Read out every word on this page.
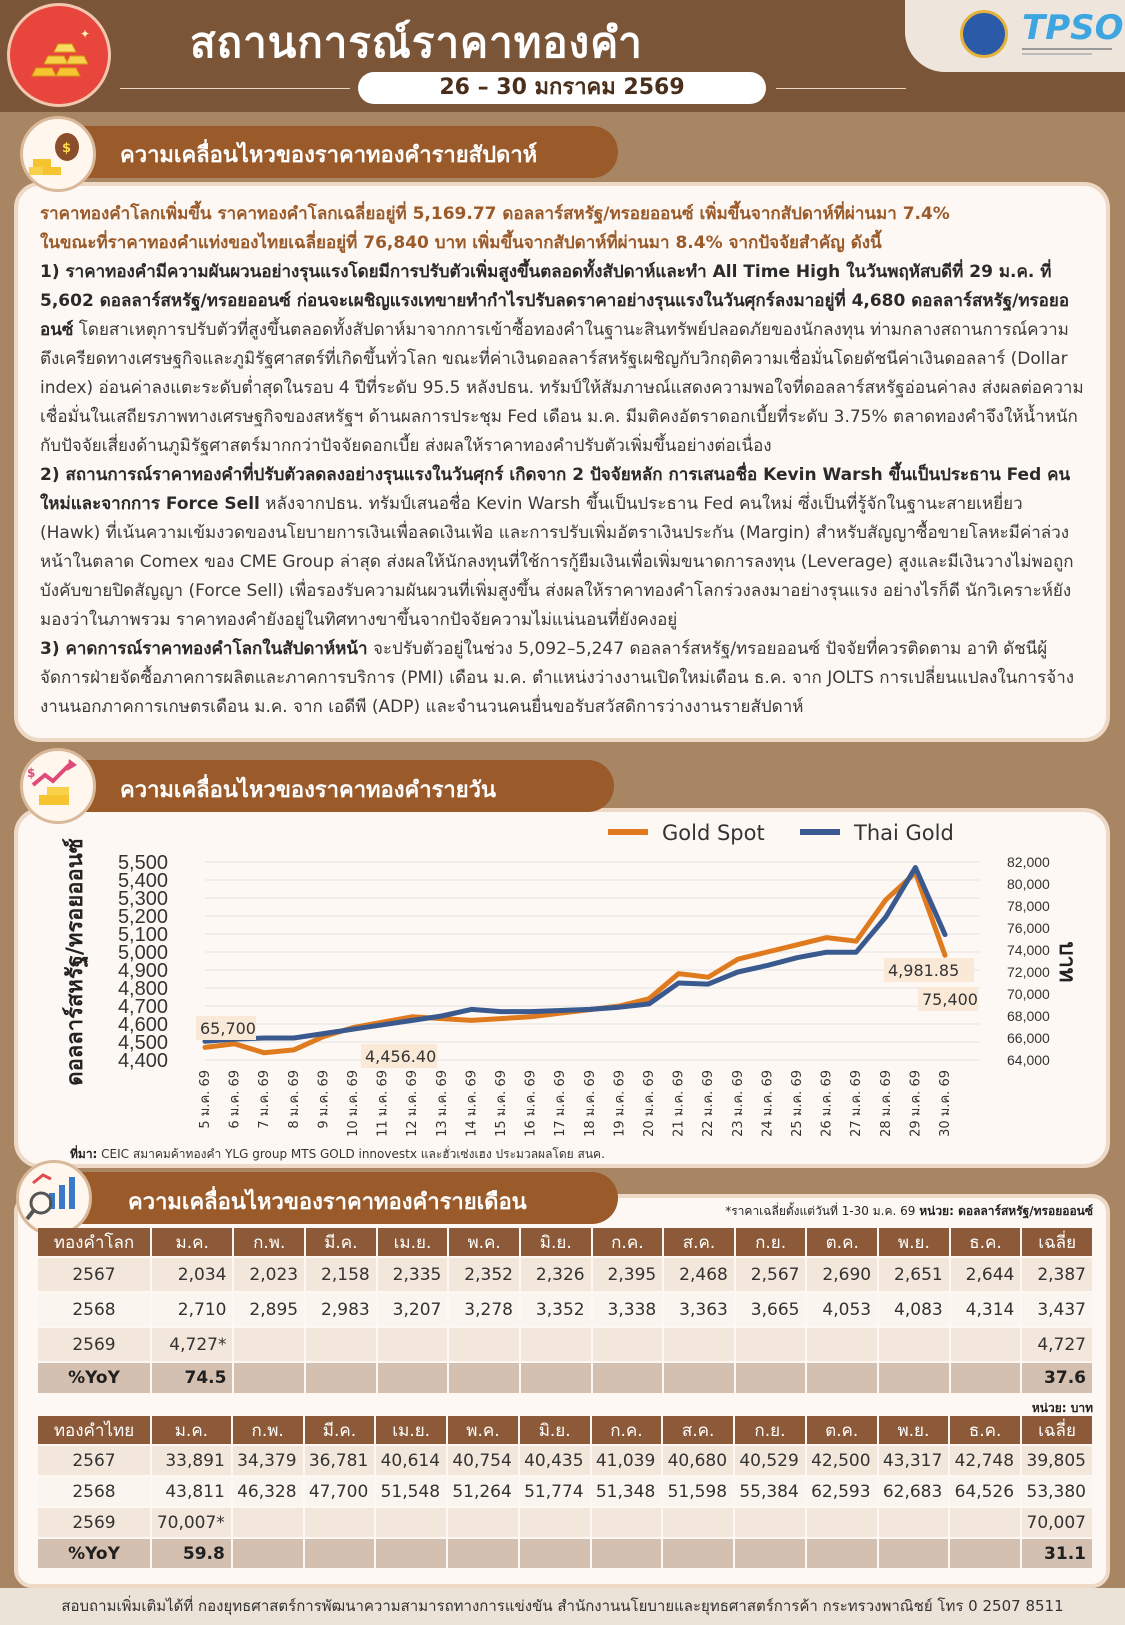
✦ สถานการณ์ราคาทองคำ
26 – 30 มกราคม 2569
TPSO
$ ความเคลื่อนไหวของราคาทองคำรายสัปดาห์
ราคาทองคำโลกเพิ่มขึ้น ราคาทองคำโลกเฉลี่ยอยู่ที่ 5,169.77 ดอลลาร์สหรัฐ/ทรอยออนซ์ เพิ่มขึ้นจากสัปดาห์ที่ผ่านมา 7.4%
ในขณะที่ราคาทองคำแท่งของไทยเฉลี่ยอยู่ที่ 76,840 บาท เพิ่มขึ้นจากสัปดาห์ที่ผ่านมา 8.4% จากปัจจัยสำคัญ ดังนี้
1) ราคาทองคำมีความผันผวนอย่างรุนแรงโดยมีการปรับตัวเพิ่มสูงขึ้นตลอดทั้งสัปดาห์และทำ All Time High ในวันพฤหัสบดีที่ 29 ม.ค. ที่ 5,602 ดอลลาร์สหรัฐ/ทรอยออนซ์ ก่อนจะเผชิญแรงเทขายทำกำไรปรับลดราคาอย่างรุนแรงในวันศุกร์ลงมาอยู่ที่ 4,680 ดอลลาร์สหรัฐ/ทรอยออนซ์ โดยสาเหตุการปรับตัวที่สูงขึ้นตลอดทั้งสัปดาห์มาจากการเข้าซื้อทองคำในฐานะสินทรัพย์ปลอดภัยของนักลงทุน ท่ามกลางสถานการณ์ความตึงเครียดทางเศรษฐกิจและภูมิรัฐศาสตร์ที่เกิดขึ้นทั่วโลก ขณะที่ค่าเงินดอลลาร์สหรัฐเผชิญกับวิกฤติความเชื่อมั่นโดยดัชนีค่าเงินดอลลาร์ (Dollar index) อ่อนค่าลงแตะระดับต่ำสุดในรอบ 4 ปีที่ระดับ 95.5 หลังปธน. ทรัมป์ให้สัมภาษณ์แสดงความพอใจที่ดอลลาร์สหรัฐอ่อนค่าลง ส่งผลต่อความเชื่อมั่นในเสถียรภาพทางเศรษฐกิจของสหรัฐฯ ด้านผลการประชุม Fed เดือน ม.ค. มีมติคงอัตราดอกเบี้ยที่ระดับ 3.75% ตลาดทองคำจึงให้น้ำหนักกับปัจจัยเสี่ยงด้านภูมิรัฐศาสตร์มากกว่าปัจจัยดอกเบี้ย ส่งผลให้ราคาทองคำปรับตัวเพิ่มขึ้นอย่างต่อเนื่อง
2) สถานการณ์ราคาทองคำที่ปรับตัวลดลงอย่างรุนแรงในวันศุกร์ เกิดจาก 2 ปัจจัยหลัก การเสนอชื่อ Kevin Warsh ขึ้นเป็นประธาน Fed คนใหม่และจากการ Force Sell หลังจากปธน. ทรัมป์เสนอชื่อ Kevin Warsh ขึ้นเป็นประธาน Fed คนใหม่ ซึ่งเป็นที่รู้จักในฐานะสายเหยี่ยว (Hawk) ที่เน้นความเข้มงวดของนโยบายการเงินเพื่อลดเงินเฟ้อ และการปรับเพิ่มอัตราเงินประกัน (Margin) สำหรับสัญญาซื้อขายโลหะมีค่าล่วงหน้าในตลาด Comex ของ CME Group ล่าสุด ส่งผลให้นักลงทุนที่ใช้การกู้ยืมเงินเพื่อเพิ่มขนาดการลงทุน (Leverage) สูงและมีเงินวางไม่พอถูกบังคับขายปิดสัญญา (Force Sell) เพื่อรองรับความผันผวนที่เพิ่มสูงขึ้น ส่งผลให้ราคาทองคำโลกร่วงลงมาอย่างรุนแรง อย่างไรก็ดี นักวิเคราะห์ยังมองว่าในภาพรวม ราคาทองคำยังอยู่ในทิศทางขาขึ้นจากปัจจัยความไม่แน่นอนที่ยังคงอยู่
3) คาดการณ์ราคาทองคำโลกในสัปดาห์หน้า จะปรับตัวอยู่ในช่วง 5,092–5,247 ดอลลาร์สหรัฐ/ทรอยออนซ์ ปัจจัยที่ควรติดตาม อาทิ ดัชนีผู้จัดการฝ่ายจัดซื้อภาคการผลิตและภาคการบริการ (PMI) เดือน ม.ค. ตำแหน่งว่างงานเปิดใหม่เดือน ธ.ค. จาก JOLTS การเปลี่ยนแปลงในการจ้างงานนอกภาคการเกษตรเดือน ม.ค. จาก เอดีพี (ADP) และจำนวนคนยื่นขอรับสวัสดิการว่างงานรายสัปดาห์
$
ความเคลื่อนไหวของราคาทองคำรายวัน
4,400
4,500
4,600
4,700
4,800
4,900
5,000
5,100
5,200
5,300
5,400
5,500
64,000
66,000
68,000
70,000
72,000
74,000
76,000
78,000
80,000
82,000
ดอลลาร์สหรัฐ/ทรอยออนซ์	บาท
5 ม.ค. 69 6 ม.ค. 69 7 ม.ค. 69 8 ม.ค. 69 9 ม.ค. 69 10 ม.ค. 69 11 ม.ค. 69 12 ม.ค. 69 13 ม.ค. 69 14 ม.ค. 69 15 ม.ค. 69 16 ม.ค. 69 17 ม.ค. 69 18 ม.ค. 69 19 ม.ค. 69 20 ม.ค. 69 21 ม.ค. 69 22 ม.ค. 69 23 ม.ค. 69 24 ม.ค. 69 25 ม.ค. 69 26 ม.ค. 69 27 ม.ค. 69 28 ม.ค. 69 29 ม.ค. 69 30 ม.ค. 69
4,456.40
4,981.85
65,700
75,400
Gold Spot	Thai Gold
ที่มา: CEIC สมาคมค้าทองคำ YLG group MTS GOLD innovestx และฮั่วเซ่งเฮง ประมวลผลโดย สนค.
ความเคลื่อนไหวของราคาทองคำรายเดือน	*ราคาเฉลี่ยตั้งแต่วันที่ 1-30 ม.ค. 69 หน่วย: ดอลลาร์สหรัฐ/ทรอยออนซ์
ทองคำโลก	ม.ค.	ก.พ.	มี.ค.	เม.ย.	พ.ค.	มิ.ย.	ก.ค.	ส.ค.	ก.ย.	ต.ค.	พ.ย.	ธ.ค.	เฉลี่ย
2567	2,034	2,023	2,158	2,335	2,352	2,326	2,395	2,468	2,567	2,690	2,651	2,644	2,387
2568	2,710	2,895	2,983	3,207	3,278	3,352	3,338	3,363	3,665	4,053	4,083	4,314	3,437
2569	4,727*												4,727
%YoY	74.5												37.6
หน่วย: บาท
ทองคำไทย	ม.ค.	ก.พ.	มี.ค.	เม.ย.	พ.ค.	มิ.ย.	ก.ค.	ส.ค.	ก.ย.	ต.ค.	พ.ย.	ธ.ค.	เฉลี่ย
2567	33,891	34,379	36,781	40,614	40,754	40,435	41,039	40,680	40,529	42,500	43,317	42,748	39,805
2568	43,811	46,328	47,700	51,548	51,264	51,774	51,348	51,598	55,384	62,593	62,683	64,526	53,380
2569	70,007*												70,007
%YoY	59.8												31.1
สอบถามเพิ่มเติมได้ที่ กองยุทธศาสตร์การพัฒนาความสามารถทางการแข่งขัน สำนักงานนโยบายและยุทธศาสตร์การค้า กระทรวงพาณิชย์ โทร 0 2507 8511
